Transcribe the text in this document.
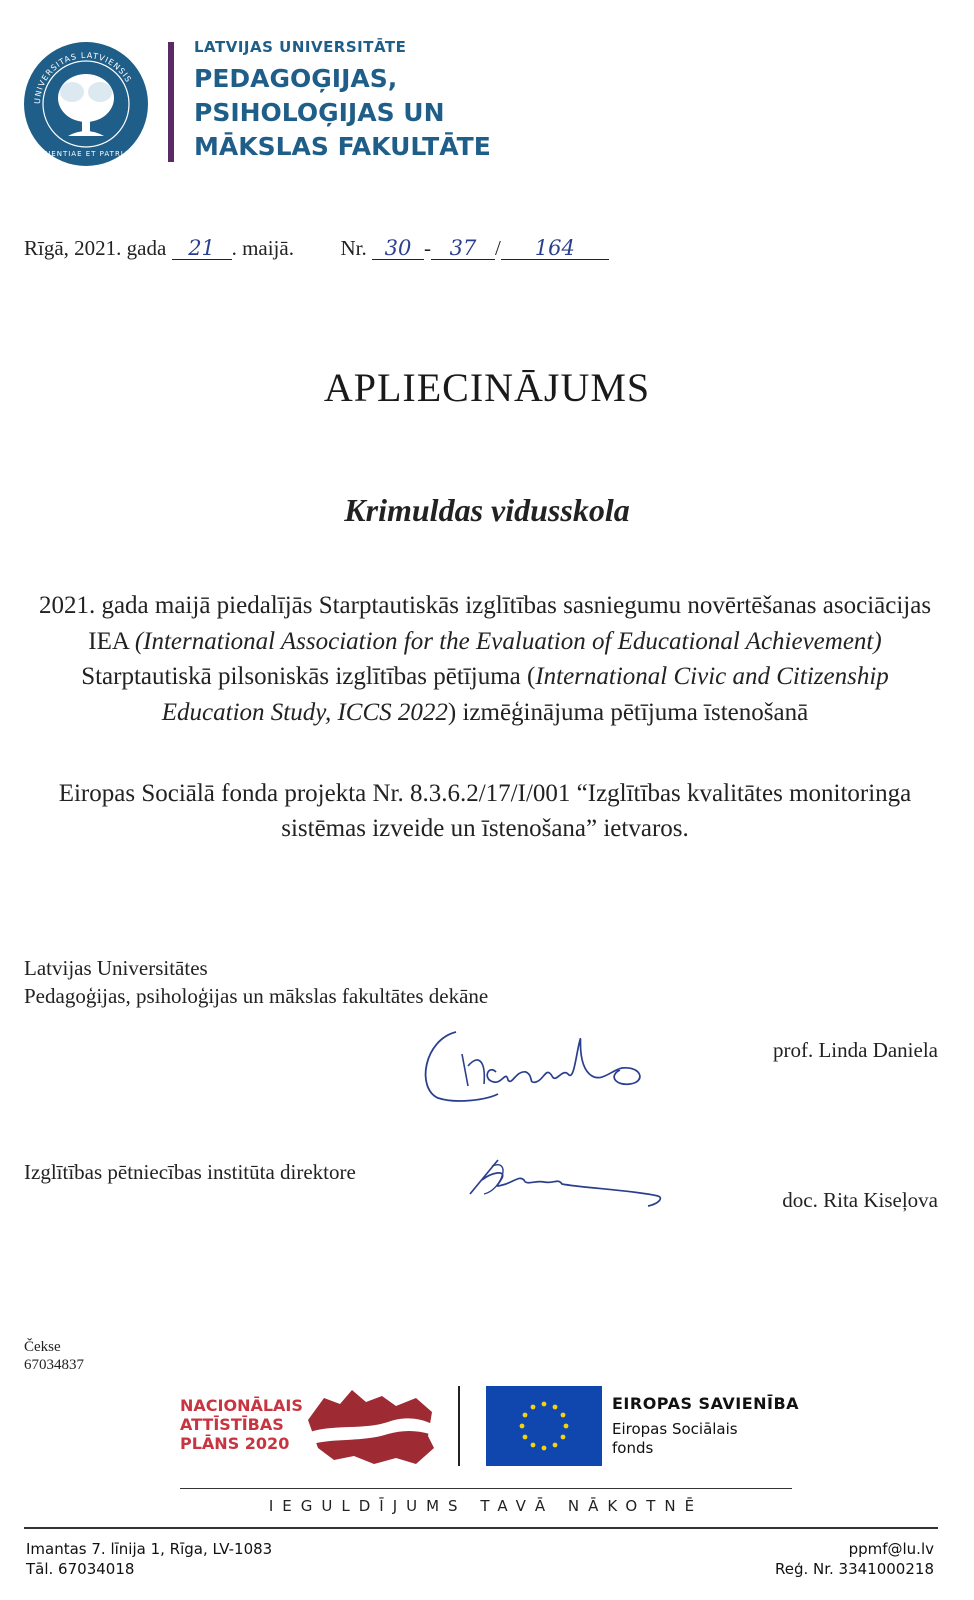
UNIVERSITAS LATVIENSIS
SCIENTIAE ET PATRIAE
LATVIJAS UNIVERSITĀTE
PEDAGOĢIJAS,
PSIHOLOĢIJAS UN
MĀKSLAS FAKULTĀTE
Rīgā, 2021. gada 21 . maijā. Nr. 30 - 37 / 164
APLIECINĀJUMS
Krimuldas vidusskola
2021. gada maijā piedalījās Starptautiskās izglītības sasniegumu novērtēšanas asociācijas IEA (International Association for the Evaluation of Educational Achievement) Starptautiskā pilsoniskās izglītības pētījuma (International Civic and Citizenship Education Study, ICCS 2022) izmēģinājuma pētījuma īstenošanā
Eiropas Sociālā fonda projekta Nr. 8.3.6.2/17/I/001 “Izglītības kvalitātes monitoringa sistēmas izveide un īstenošana” ietvaros.
Latvijas Universitātes
Pedagoģijas, psiholoģijas un mākslas fakultātes dekāne
prof. Linda Daniela
Izglītības pētniecības institūta direktore
doc. Rita Kiseļova
Čekse
67034837
NACIONĀLAIS
ATTĪSTĪBAS
PLĀNS 2020
EIROPAS SAVIENĪBA
Eiropas Sociālais
fonds
IEGULDĪJUMS TAVĀ NĀKOTNĒ
Imantas 7. līnija 1, Rīga, LV-1083
Tāl. 67034018
ppmf@lu.lv
Reģ. Nr. 3341000218
